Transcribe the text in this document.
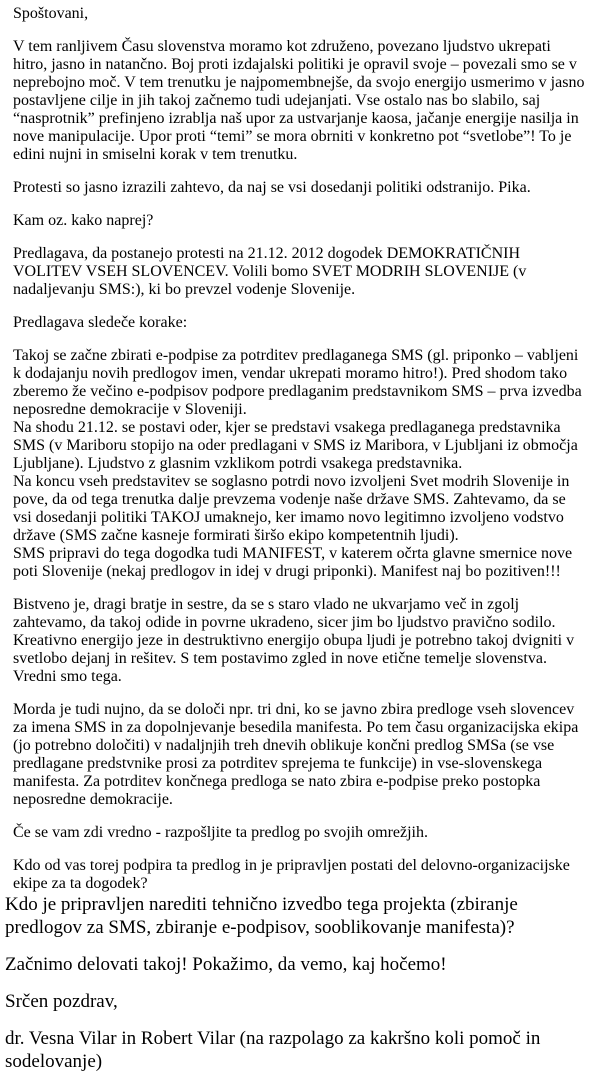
Spoštovani,

V tem ranljivem Času slovenstva moramo kot združeno, povezano ljudstvo ukrepati hitro, jasno in natančno. Boj proti izdajalski politiki je opravil svoje – povezali smo se v neprebojno moč. V tem trenutku je najpomembnejše, da svojo energijo usmerimo v jasno postavljene cilje in jih takoj začnemo tudi udejanjati. Vse ostalo nas bo slabilo, saj “nasprotnik” prefinjeno izrablja naš upor za ustvarjanje kaosa, jačanje energije nasilja in nove manipulacije. Upor proti “temi” se mora obrniti v konkretno pot “svetlobe”! To je edini nujni in smiselni korak v tem trenutku.

Protesti so jasno izrazili zahtevo, da naj se vsi dosedanji politiki odstranijo. Pika.

Kam oz. kako naprej?

Predlagava, da postanejo protesti na 21.12. 2012 dogodek DEMOKRATIČNIH VOLITEV VSEH SLOVENCEV. Volili bomo SVET MODRIH SLOVENIJE (v nadaljevanju SMS:), ki bo prevzel vodenje Slovenije.

Predlagava sledeče korake:

Takoj se začne zbirati e-podpise za potrditev predlaganega SMS (gl. priponko – vabljeni k dodajanju novih predlogov imen, vendar ukrepati moramo hitro!). Pred shodom tako zberemo že večino e-podpisov podpore predlaganim predstavnikom SMS – prva izvedba neposredne demokracije v Sloveniji.

Na shodu 21.12. se postavi oder, kjer se predstavi vsakega predlaganega predstavnika SMS (v Mariboru stopijo na oder predlagani v SMS iz Maribora, v Ljubljani iz območja Ljubljane). Ljudstvo z glasnim vzklikom potrdi vsakega predstavnika.

Na koncu vseh predstavitev se soglasno potrdi novo izvoljeni Svet modrih Slovenije in pove, da od tega trenutka dalje prevzema vodenje naše države SMS. Zahtevamo, da se vsi dosedanji politiki TAKOJ umaknejo, ker imamo novo legitimno izvoljeno vodstvo države (SMS začne kasneje formirati širšo ekipo kompetentnih ljudi).

SMS pripravi do tega dogodka tudi MANIFEST, v katerem očrta glavne smernice nove poti Slovenije (nekaj predlogov in idej v drugi priponki). Manifest naj bo pozitiven!!!

Bistveno je, dragi bratje in sestre, da se s staro vlado ne ukvarjamo več in zgolj zahtevamo, da takoj odide in povrne ukradeno, sicer jim bo ljudstvo pravično sodilo. Kreativno energijo jeze in destruktivno energijo obupa ljudi je potrebno takoj dvigniti v svetlobo dejanj in rešitev. S tem postavimo zgled in nove etične temelje slovenstva. Vredni smo tega.

Morda je tudi nujno, da se določi npr. tri dni, ko se javno zbira predloge vseh slovencev za imena SMS in za dopolnjevanje besedila manifesta. Po tem času organizacijska ekipa (jo potrebno določiti) v nadaljnjih treh dnevih oblikuje končni predlog SMSa (se vse predlagane predstvnike prosi za potrditev sprejema te funkcije) in vse-slovenskega manifesta. Za potrditev končnega predloga se nato zbira e-podpise preko postopka neposredne demokracije.

Če se vam zdi vredno - razpošljite ta predlog po svojih omrežjih.

Kdo od vas torej podpira ta predlog in je pripravljen postati del delovno-organizacijske ekipe za ta dogodek?

Kdo je pripravljen narediti tehnično izvedbo tega projekta (zbiranje predlogov za SMS, zbiranje e-podpisov, sooblikovanje manifesta)?

Začnimo delovati takoj! Pokažimo, da vemo, kaj hočemo!

Srčen pozdrav,

dr. Vesna Vilar in Robert Vilar (na razpolago za kakršno koli pomoč in sodelovanje)
